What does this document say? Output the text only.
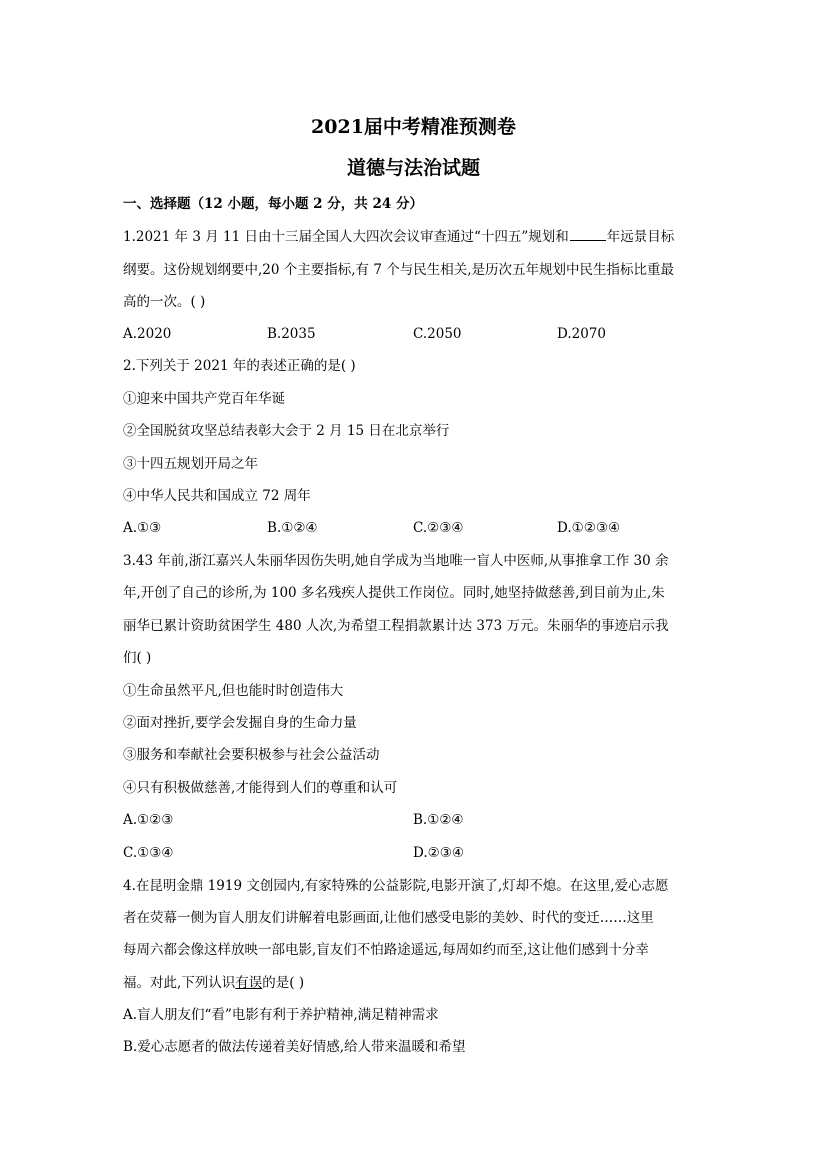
2021届中考精准预测卷
道德与法治试题
一、选择题（12 小题，每小题 2 分，共 24 分）
1.2021 年 3 月 11 日由十三届全国人大四次会议审查通过“十四五”规划和	年远景目标
纲要。这份规划纲要中,20 个主要指标,有 7 个与民生相关,是历次五年规划中民生指标比重最
高的一次。( )
A.2020	B.2035	C.2050	D.2070
2.下列关于 2021 年的表述正确的是( )
①迎来中国共产党百年华诞
②全国脱贫攻坚总结表彰大会于 2 月 15 日在北京举行
③十四五规划开局之年
④中华人民共和国成立 72 周年
A.①③	B.①②④	C.②③④	D.①②③④
3.43 年前,浙江嘉兴人朱丽华因伤失明,她自学成为当地唯一盲人中医师,从事推拿工作 30 余
年,开创了自己的诊所,为 100 多名残疾人提供工作岗位。同时,她坚持做慈善,到目前为止,朱
丽华已累计资助贫困学生 480 人次,为希望工程捐款累计达 373 万元。朱丽华的事迹启示我
们( )
①生命虽然平凡,但也能时时创造伟大
②面对挫折,要学会发掘自身的生命力量
③服务和奉献社会要积极参与社会公益活动
④只有积极做慈善,才能得到人们的尊重和认可
A.①②③	B.①②④
C.①③④	D.②③④
4.在昆明金鼎 1919 文创园内,有家特殊的公益影院,电影开演了,灯却不熄。在这里,爱心志愿
者在荧幕一侧为盲人朋友们讲解着电影画面,让他们感受电影的美妙、时代的变迁……这里
每周六都会像这样放映一部电影,盲友们不怕路途遥远,每周如约而至,这让他们感到十分幸
福。对此,下列认识有误的是( )
A.盲人朋友们“看”电影有利于养护精神,满足精神需求
B.爱心志愿者的做法传递着美好情感,给人带来温暖和希望
